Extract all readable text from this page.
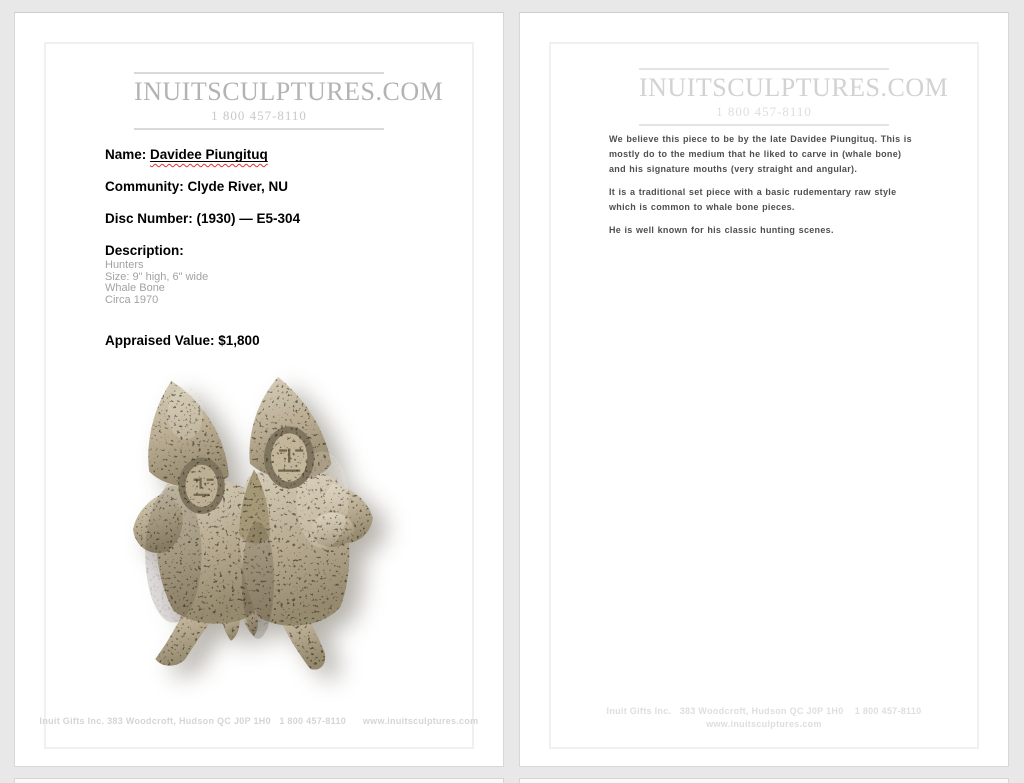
INUITSCULPTURES.COM
1 800 457-8110

Name: Davidee Piungituq

Community: Clyde River, NU

Disc Number: (1930) — E5-304

Description:

Hunters
Size: 9" high, 6" wide
Whale Bone
Circa 1970

Appraised Value: $1,800

Inuit Gifts Inc. 383 Woodcroft, Hudson QC J0P 1H0   1 800 457-8110      www.inuitsculptures.com
INUITSCULPTURES.COM
1 800 457-8110
We believe this piece to be by the late Davidee Piungituq. This is
mostly do to the medium that he liked to carve in (whale bone)
and his signature mouths (very straight and angular).
It is a traditional set piece with a basic rudementary raw style
which is common to whale bone pieces.
He is well known for his classic hunting scenes.
Inuit Gifts Inc.   383 Woodcroft, Hudson QC J0P 1H0    1 800 457-8110
www.inuitsculptures.com
